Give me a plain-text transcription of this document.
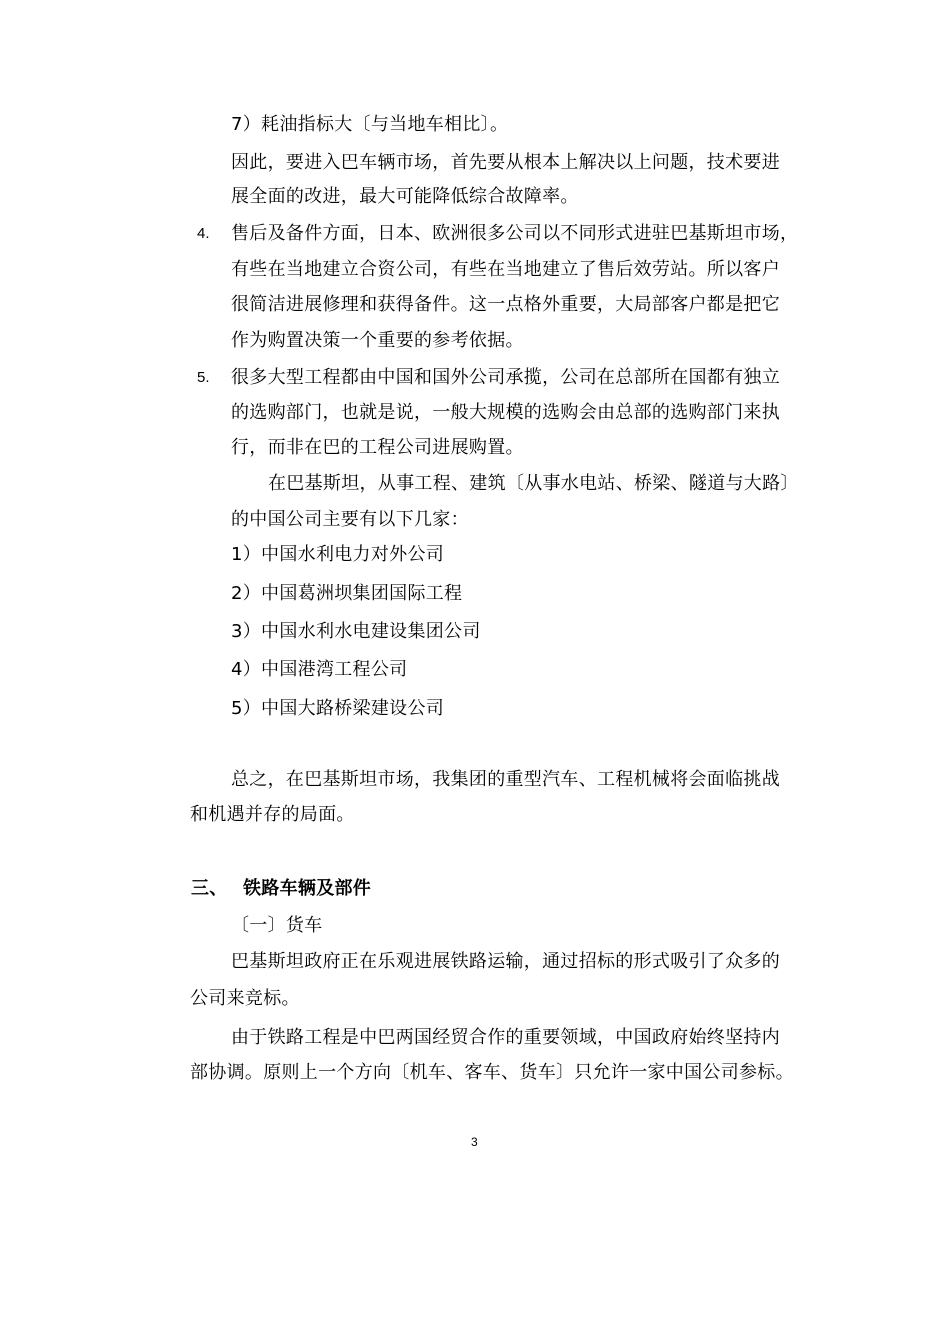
7）耗油指标大〔与当地车相比〕。
因此，要进入巴车辆市场，首先要从根本上解决以上问题，技术要进
展全面的改进，最大可能降低综合故障率。
4. 售后及备件方面，日本、欧洲很多公司以不同形式进驻巴基斯坦市场，
有些在当地建立合资公司，有些在当地建立了售后效劳站。所以客户
很简洁进展修理和获得备件。这一点格外重要，大局部客户都是把它
作为购置决策一个重要的参考依据。
5. 很多大型工程都由中国和国外公司承揽，公司在总部所在国都有独立
的选购部门，也就是说，一般大规模的选购会由总部的选购部门来执
行，而非在巴的工程公司进展购置。
在巴基斯坦，从事工程、建筑〔从事水电站、桥梁、隧道与大路〕
的中国公司主要有以下几家：
1）中国水利电力对外公司
2）中国葛洲坝集团国际工程
3）中国水利水电建设集团公司
4）中国港湾工程公司
5）中国大路桥梁建设公司
总之，在巴基斯坦市场，我集团的重型汽车、工程机械将会面临挑战
和机遇并存的局面。
三、 铁路车辆及部件
〔一〕货车
巴基斯坦政府正在乐观进展铁路运输，通过招标的形式吸引了众多的
公司来竞标。
由于铁路工程是中巴两国经贸合作的重要领域，中国政府始终坚持内
部协调。原则上一个方向〔机车、客车、货车〕只允许一家中国公司参标。
3
